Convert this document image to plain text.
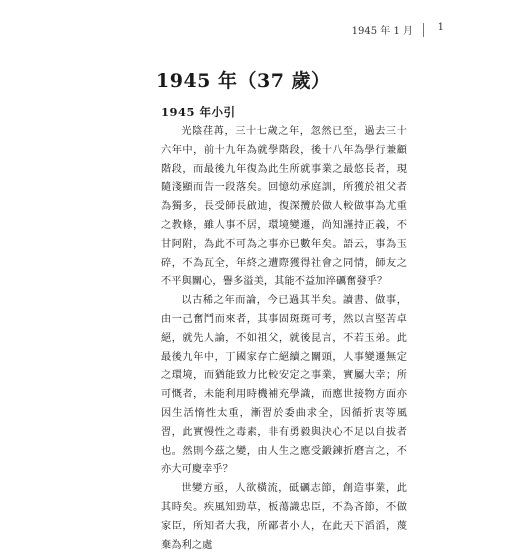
1945 年 1 月 1
1945 年（37 歲）
1945 年小引

光陰荏苒，三十七歲之年，忽然已至，過去三十六年中，前十九年為就學階段，後十八年為學行兼顧階段，而最後九年復為此生所就事業之最悠長者，現隨淺顯而告一段落矣。回憶幼承庭訓，所獲於祖父者為獨多，長受師長啟迪，復深攬於做人較做事為尤重之教條，雖人事不居，環境變遷，尚知謹持正義，不甘阿附，為此不可為之事亦已數年矣。語云，事為玉碎，不為瓦全，年終之遭際獲得社會之同情，師友之不平與關心，譽多溢美，其能不益加淬礪奮發乎？

以古稀之年而論，今已過其半矣。讀書、做事，由一己奮鬥而來者，其事固斑斑可考，然以言堅苦卓絕，就先人論，不如祖父，就後昆言，不若玉弟。此最後九年中，丁國家存亡絕續之關頭，人事變遷無定之環境，而猶能致力比較安定之事業，實屬大幸；所可慨者，未能利用時機補充學識，而應世接物方面亦因生活惰性太重，漸習於委曲求全，因循折衷等風習，此實慢性之毒素，非有勇毅與決心不足以自拔者也。然則今茲之變，由人生之應受鍛鍊折磨言之，不亦大可慶幸乎？

世變方亟，人欲橫流，砥礪志節，創造事業，此其時矣。疾風知勁草，板蕩識忠臣，不為吝節，不做家臣，所知者大我，所鄙者小人，在此天下滔滔，蔑棄為利之處
